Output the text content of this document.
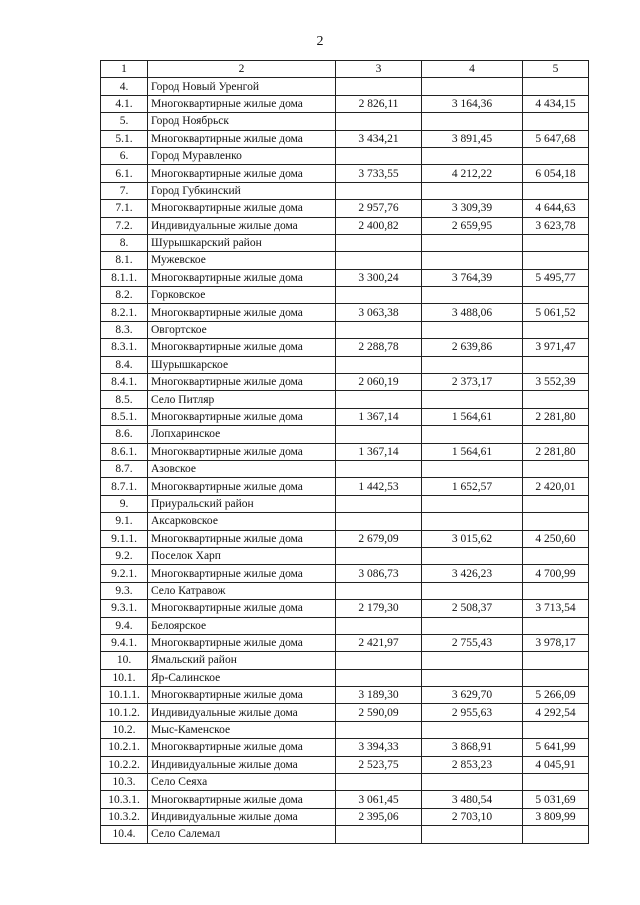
2
1	2	3	4	5
4.	Город Новый Уренгой			
4.1.	Многоквартирные жилые дома	2 826,11	3 164,36	4 434,15
5.	Город Ноябрьск			
5.1.	Многоквартирные жилые дома	3 434,21	3 891,45	5 647,68
6.	Город Муравленко			
6.1.	Многоквартирные жилые дома	3 733,55	4 212,22	6 054,18
7.	Город Губкинский			
7.1.	Многоквартирные жилые дома	2 957,76	3 309,39	4 644,63
7.2.	Индивидуальные жилые дома	2 400,82	2 659,95	3 623,78
8.	Шурышкарский район			
8.1.	Мужевское			
8.1.1.	Многоквартирные жилые дома	3 300,24	3 764,39	5 495,77
8.2.	Горковское			
8.2.1.	Многоквартирные жилые дома	3 063,38	3 488,06	5 061,52
8.3.	Овгортское			
8.3.1.	Многоквартирные жилые дома	2 288,78	2 639,86	3 971,47
8.4.	Шурышкарское			
8.4.1.	Многоквартирные жилые дома	2 060,19	2 373,17	3 552,39
8.5.	Село Питляр			
8.5.1.	Многоквартирные жилые дома	1 367,14	1 564,61	2 281,80
8.6.	Лопхаринское			
8.6.1.	Многоквартирные жилые дома	1 367,14	1 564,61	2 281,80
8.7.	Азовское			
8.7.1.	Многоквартирные жилые дома	1 442,53	1 652,57	2 420,01
9.	Приуральский район			
9.1.	Аксарковское			
9.1.1.	Многоквартирные жилые дома	2 679,09	3 015,62	4 250,60
9.2.	Поселок Харп			
9.2.1.	Многоквартирные жилые дома	3 086,73	3 426,23	4 700,99
9.3.	Село Катравож			
9.3.1.	Многоквартирные жилые дома	2 179,30	2 508,37	3 713,54
9.4.	Белоярское			
9.4.1.	Многоквартирные жилые дома	2 421,97	2 755,43	3 978,17
10.	Ямальский район			
10.1.	Яр-Салинское			
10.1.1.	Многоквартирные жилые дома	3 189,30	3 629,70	5 266,09
10.1.2.	Индивидуальные жилые дома	2 590,09	2 955,63	4 292,54
10.2.	Мыс-Каменское			
10.2.1.	Многоквартирные жилые дома	3 394,33	3 868,91	5 641,99
10.2.2.	Индивидуальные жилые дома	2 523,75	2 853,23	4 045,91
10.3.	Село Сеяха			
10.3.1.	Многоквартирные жилые дома	3 061,45	3 480,54	5 031,69
10.3.2.	Индивидуальные жилые дома	2 395,06	2 703,10	3 809,99
10.4.	Село Салемал			
